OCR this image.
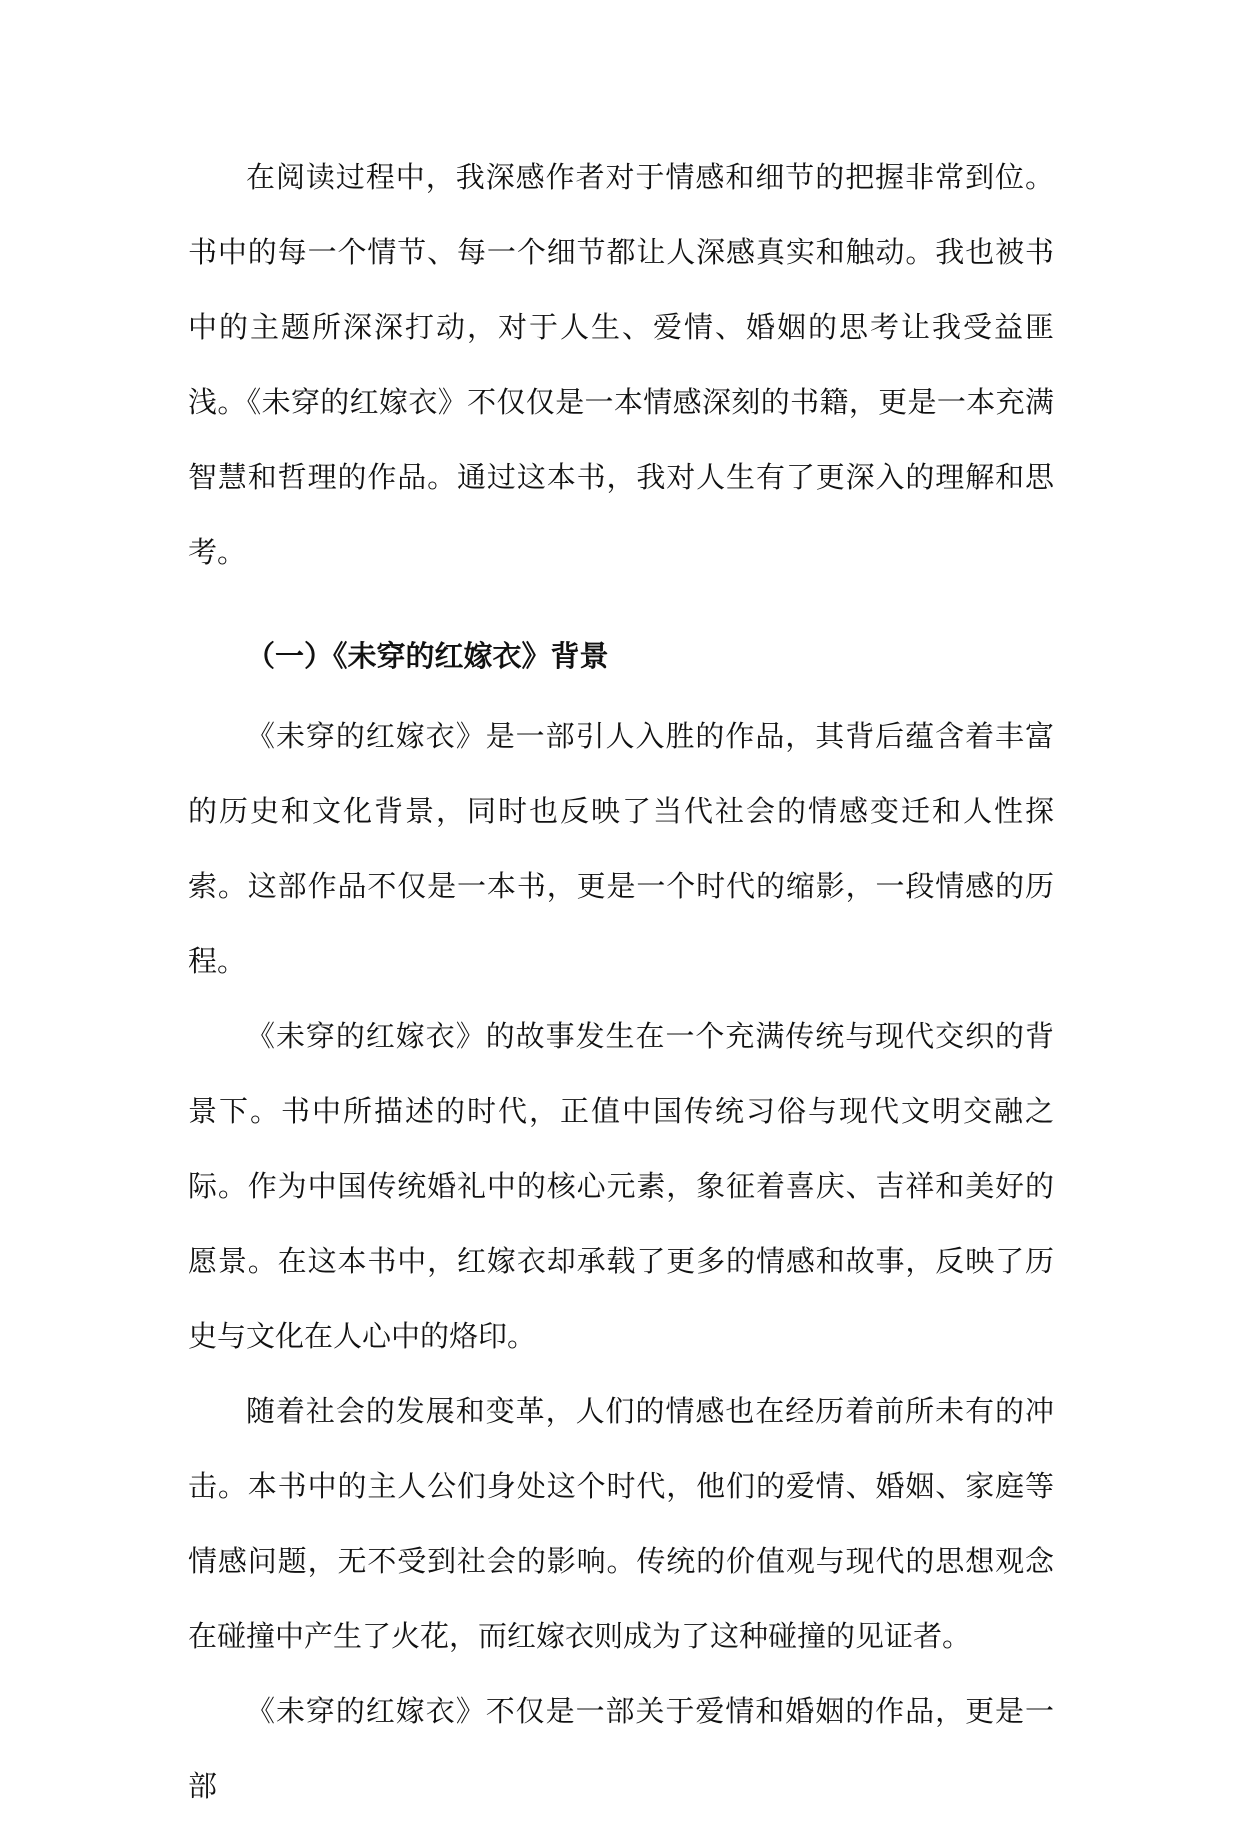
在阅读过程中，我深感作者对于情感和细节的把握非常到位。书中的每一个情节、每一个细节都让人深感真实和触动。我也被书中的主题所深深打动，对于人生、爱情、婚姻的思考让我受益匪浅。《未穿的红嫁衣》不仅仅是一本情感深刻的书籍，更是一本充满智慧和哲理的作品。通过这本书，我对人生有了更深入的理解和思考。

（一）《未穿的红嫁衣》背景

《未穿的红嫁衣》是一部引人入胜的作品，其背后蕴含着丰富的历史和文化背景，同时也反映了当代社会的情感变迁和人性探索。这部作品不仅是一本书，更是一个时代的缩影，一段情感的历程。

《未穿的红嫁衣》的故事发生在一个充满传统与现代交织的背景下。书中所描述的时代，正值中国传统习俗与现代文明交融之际。作为中国传统婚礼中的核心元素，象征着喜庆、吉祥和美好的愿景。在这本书中，红嫁衣却承载了更多的情感和故事，反映了历史与文化在人心中的烙印。

随着社会的发展和变革，人们的情感也在经历着前所未有的冲击。本书中的主人公们身处这个时代，他们的爱情、婚姻、家庭等情感问题，无不受到社会的影响。传统的价值观与现代的思想观念在碰撞中产生了火花，而红嫁衣则成为了这种碰撞的见证者。

《未穿的红嫁衣》不仅是一部关于爱情和婚姻的作品，更是一部
